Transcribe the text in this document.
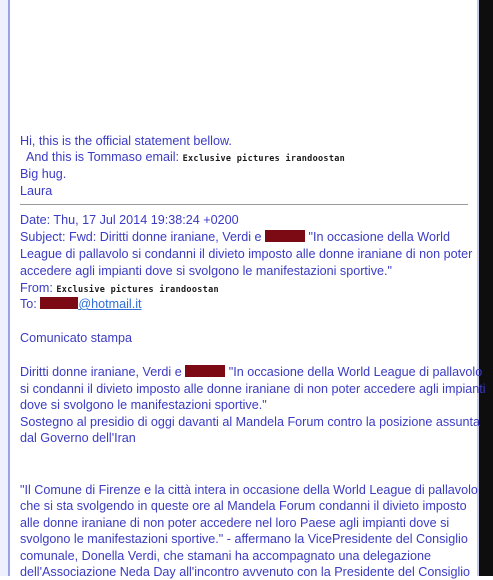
Hi, this is the official statement bellow.
And this is Tommaso email: Exclusive pictures irandoostan
Big hug.
Laura
Date: Thu, 17 Jul 2014 19:38:24 +0200
Subject: Fwd: Diritti donne iraniane, Verdi e	"In occasione della World
League di pallavolo si condanni il divieto imposto alle donne iraniane di non poter
accedere agli impianti dove si svolgono le manifestazioni sportive."
From: Exclusive pictures irandoostan
To:	@hotmail.it
Comunicato stampa
Diritti donne iraniane, Verdi e	"In occasione della World League di pallavolo
si condanni il divieto imposto alle donne iraniane di non poter accedere agli impianti
dove si svolgono le manifestazioni sportive."
Sostegno al presidio di oggi davanti al Mandela Forum contro la posizione assunta
dal Governo dell'Iran
"Il Comune di Firenze e la città intera in occasione della World League di pallavolo
che si sta svolgendo in queste ore al Mandela Forum condanni il divieto imposto
alle donne iraniane di non poter accedere nel loro Paese agli impianti dove si
svolgono le manifestazioni sportive." - affermano la VicePresidente del Consiglio
comunale, Donella Verdi, che stamani ha accompagnato una delegazione
dell'Associazione Neda Day all'incontro avvenuto con la Presidente del Consiglio
